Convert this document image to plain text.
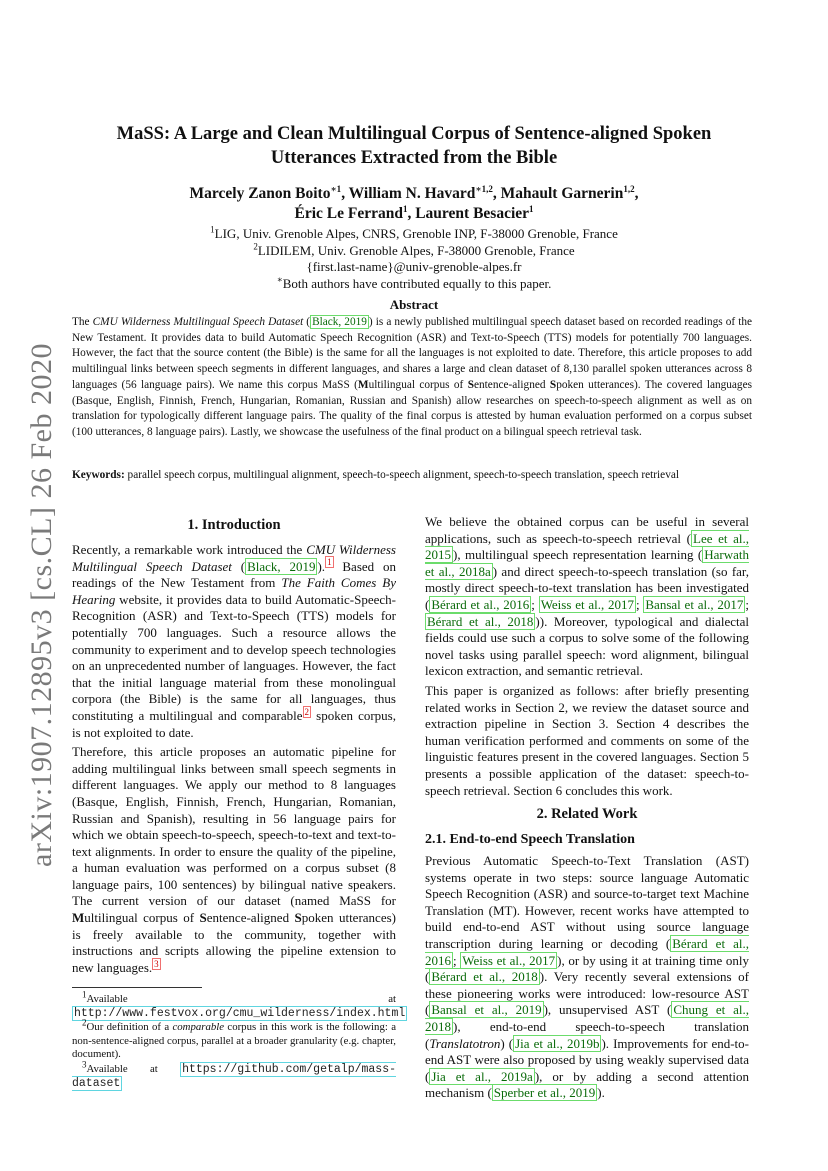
arXiv:1907.12895v3 [cs.CL] 26 Feb 2020
MaSS: A Large and Clean Multilingual Corpus of Sentence-aligned Spoken Utterances Extracted from the Bible
Marcely Zanon Boito$^{∗1}$, William N. Havard$^{∗1,2}$, Mahault Garnerin$^{1,2}$,
Éric Le Ferrand$^1$, Laurent Besacier$^1$
$^1$LIG, Univ. Grenoble Alpes, CNRS, Grenoble INP, F-38000 Grenoble, France
$^2$LIDILEM, Univ. Grenoble Alpes, F-38000 Grenoble, France
{first.last-name}@univ-grenoble-alpes.fr
∗Both authors have contributed equally to this paper.
Abstract
The CMU Wilderness Multilingual Speech Dataset ( Black, 2019 ) is a newly published multilingual speech dataset based on recorded readings of the New Testament. It provides data to build Automatic Speech Recognition (ASR) and Text-to-Speech (TTS) models for potentially 700 languages. However, the fact that the source content (the Bible) is the same for all the languages is not exploited to date. Therefore, this article proposes to add multilingual links between speech segments in different languages, and shares a large and clean dataset of 8,130 parallel spoken utterances across 8 languages (56 language pairs). We name this corpus MaSS (Multilingual corpus of Sentence-aligned Spoken utterances). The covered languages (Basque, English, Finnish, French, Hungarian, Romanian, Russian and Spanish) allow researches on speech-to-speech alignment as well as on translation for typologically different language pairs. The quality of the final corpus is attested by human evaluation performed on a corpus subset (100 utterances, 8 language pairs). Lastly, we showcase the usefulness of the final product on a bilingual speech retrieval task.
Keywords: parallel speech corpus, multilingual alignment, speech-to-speech alignment, speech-to-speech translation, speech retrieval
1. Introduction

Recently, a remarkable work introduced the CMU Wilderness Multilingual Speech Dataset ( Black, 2019 ). $^1$ Based on readings of the New Testament from The Faith Comes By Hearing website, it provides data to build Automatic-Speech-Recognition (ASR) and Text-to-Speech (TTS) models for potentially 700 languages. Such a resource allows the community to experiment and to develop speech technologies on an unprecedented number of languages. However, the fact that the initial language material from these monolingual corpora (the Bible) is the same for all languages, thus constituting a multilingual and comparable $^2$ spoken corpus, is not exploited to date.

Therefore, this article proposes an automatic pipeline for adding multilingual links between small speech segments in different languages. We apply our method to 8 languages (Basque, English, Finnish, French, Hungarian, Romanian, Russian and Spanish), resulting in 56 language pairs for which we obtain speech-to-speech, speech-to-text and text-to-text alignments. In order to ensure the quality of the pipeline, a human evaluation was performed on a corpus subset (8 language pairs, 100 sentences) by bilingual native speakers. The current version of our dataset (named MaSS for Multilingual corpus of Sentence-aligned Spoken utterances) is freely available to the community, together with instructions and scripts allowing the pipeline extension to new languages. $^3$

$^1$Available at http://www.festvox.org/cmu_wilderness/index.html

$^2$Our definition of a comparable corpus in this work is the following: a non-sentence-aligned corpus, parallel at a broader granularity (e.g. chapter, document).

$^3$Available at https://github.com/getalp/mass-dataset

We believe the obtained corpus can be useful in several applications, such as speech-to-speech retrieval ( Lee et al., 2015 ), multilingual speech representation learning ( Harwath et al., 2018a ) and direct speech-to-speech translation (so far, mostly direct speech-to-text translation has been investigated ( Bérard et al., 2016 ; Weiss et al., 2017 ; Bansal et al., 2017 ; Bérard et al., 2018 )). Moreover, typological and dialectal fields could use such a corpus to solve some of the following novel tasks using parallel speech: word alignment, bilingual lexicon extraction, and semantic retrieval.

This paper is organized as follows: after briefly presenting related works in Section 2, we review the dataset source and extraction pipeline in Section 3. Section 4 describes the human verification performed and comments on some of the linguistic features present in the covered languages. Section 5 presents a possible application of the dataset: speech-to-speech retrieval. Section 6 concludes this work.

2. Related Work
2.1. End-to-end Speech Translation

Previous Automatic Speech-to-Text Translation (AST) systems operate in two steps: source language Automatic Speech Recognition (ASR) and source-to-target text Machine Translation (MT). However, recent works have attempted to build end-to-end AST without using source language transcription during learning or decoding ( Bérard et al., 2016 ; Weiss et al., 2017 ), or by using it at training time only ( Bérard et al., 2018 ). Very recently several extensions of these pioneering works were introduced: low-resource AST ( Bansal et al., 2019 ), unsupervised AST ( Chung et al., 2018 ), end-to-end speech-to-speech translation (Translatotron) ( Jia et al., 2019b ). Improvements for end-to-end AST were also proposed by using weakly supervised data ( Jia et al., 2019a ), or by adding a second attention mechanism ( Sperber et al., 2019 ).
